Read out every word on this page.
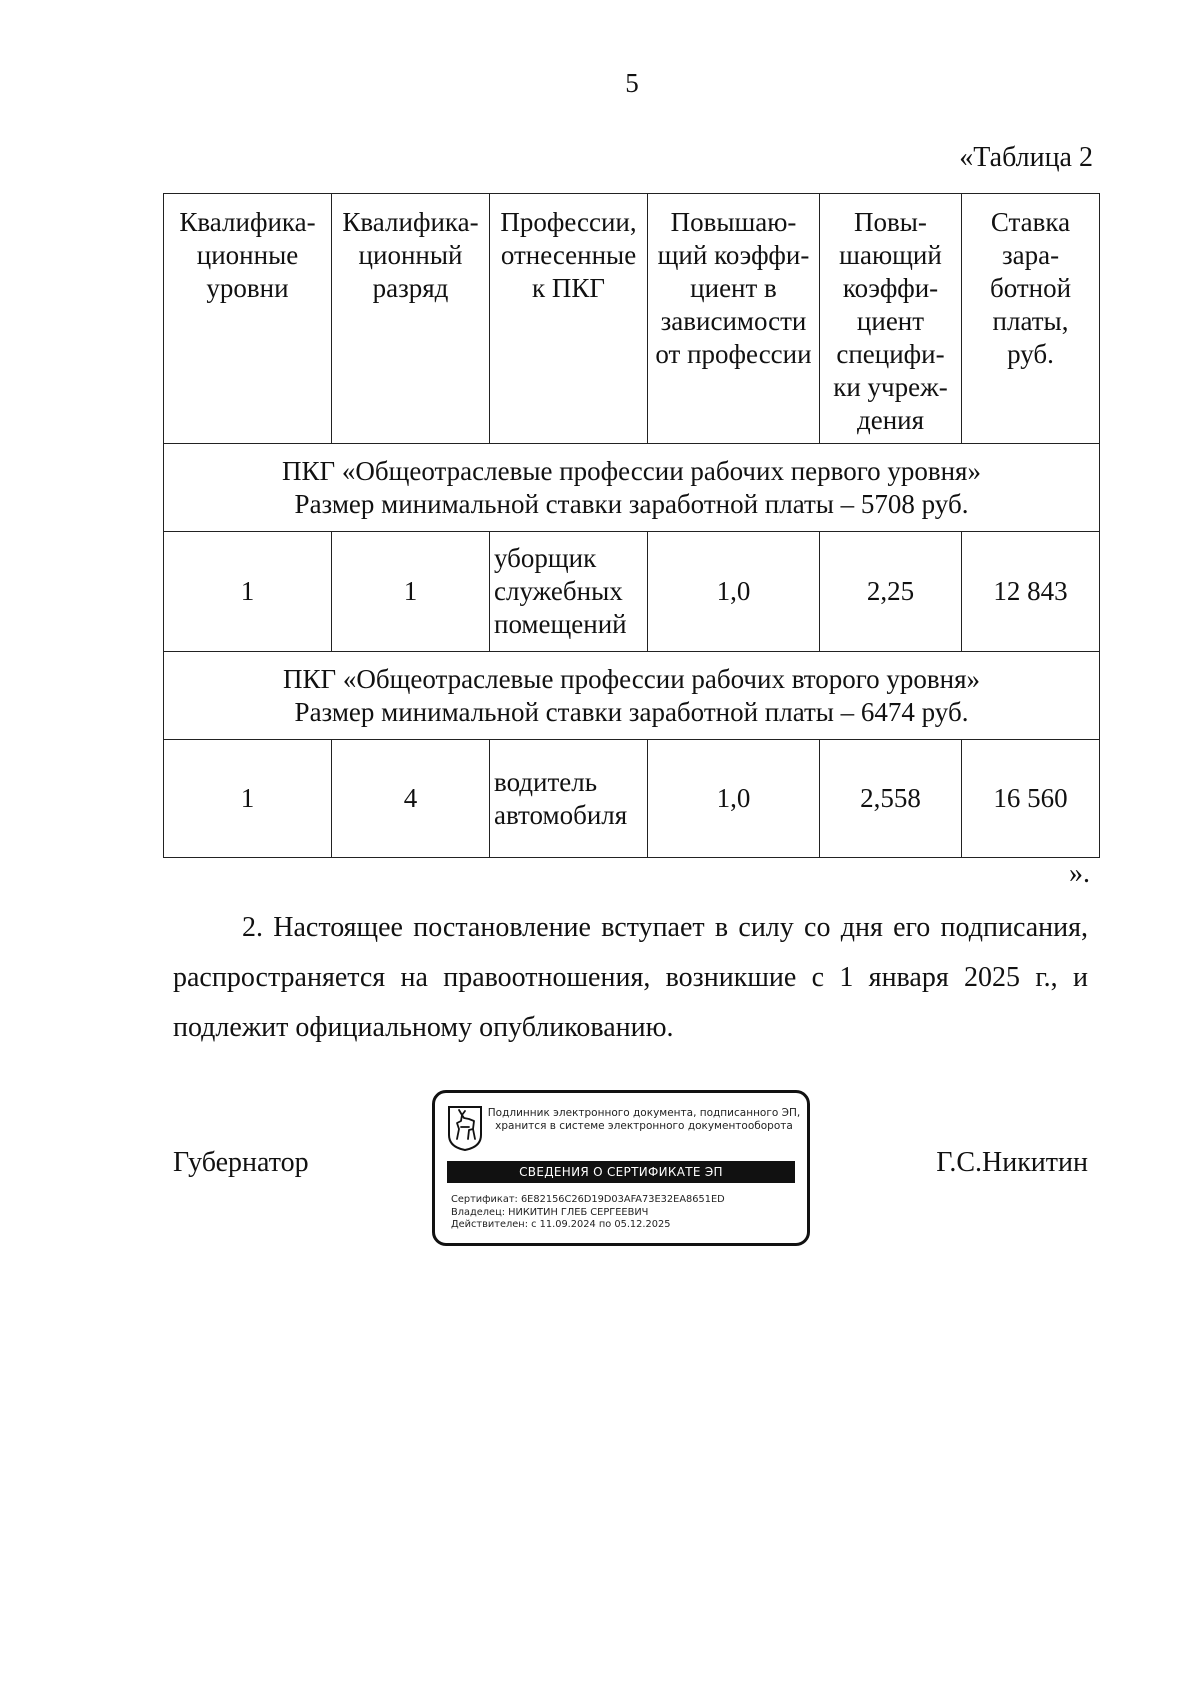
5
«Таблица 2
Квалифика-ционные уровни	Квалифика-ционный разряд	Профессии, отнесенные к ПКГ	Повышаю-щий коэффи-циент в зависимости от профессии	Повы-шающий коэффи-циент специфи-ки учреж-дения	Ставка зара-ботной платы, руб.

ПКГ «Общеотраслевые профессии рабочих первого уровня»
Размер минимальной ставки заработной платы – 5708 руб.					

1	1	уборщик служебных помещений	1,0	2,25	12 843

ПКГ «Общеотраслевые профессии рабочих второго уровня»
Размер минимальной ставки заработной платы – 6474 руб.					

1	4	водитель автомобиля	1,0	2,558	16 560
».
2. Настоящее постановление вступает в силу со дня его подписания, распространяется на правоотношения, возникшие с 1 января 2025 г., и подлежит официальному опубликованию.
Губернатор
Подлинник электронного документа, подписанного ЭП,
хранится в системе электронного документооборота
СВЕДЕНИЯ О СЕРТИФИКАТЕ ЭП
Сертификат: 6E82156C26D19D03AFA73E32EA8651ED
Владелец: НИКИТИН ГЛЕБ СЕРГЕЕВИЧ
Действителен: с 11.09.2024 по 05.12.2025
Г.С.Никитин
